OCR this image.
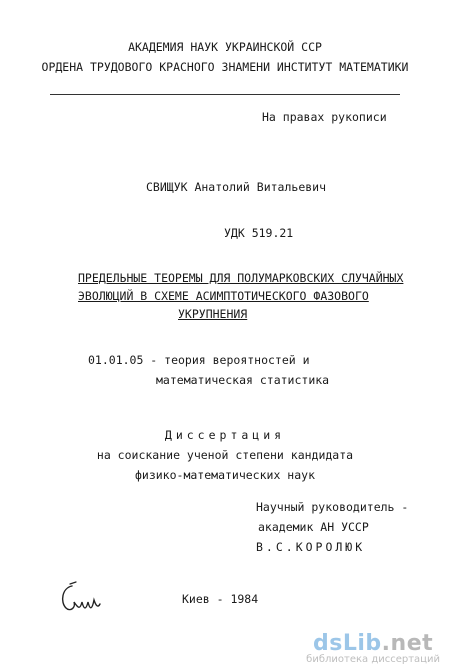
АКАДЕМИЯ НАУК УКРАИНСКОЙ ССР
ОРДЕНА ТРУДОВОГО КРАСНОГО ЗНАМЕНИ ИНСТИТУТ МАТЕМАТИКИ
На правах рукописи
СВИЩУК Анатолий Витальевич
УДК 519.21
ПРЕДЕЛЬНЫЕ ТЕОРЕМЫ ДЛЯ ПОЛУМАРКОВСКИХ СЛУЧАЙНЫХ
ЭВОЛЮЦИЙ В СХЕМЕ АСИМПТОТИЧЕСКОГО ФАЗОВОГО
УКРУПНЕНИЯ
01.01.05 - теория вероятностей и
математическая статистика
Диссертация
на соискание ученой степени кандидата
физико-математических наук
Научный руководитель -
академик АН УССР
В.С.КОРОЛЮК
Киев - 1984
dsLib.net
библиотека диссертаций
